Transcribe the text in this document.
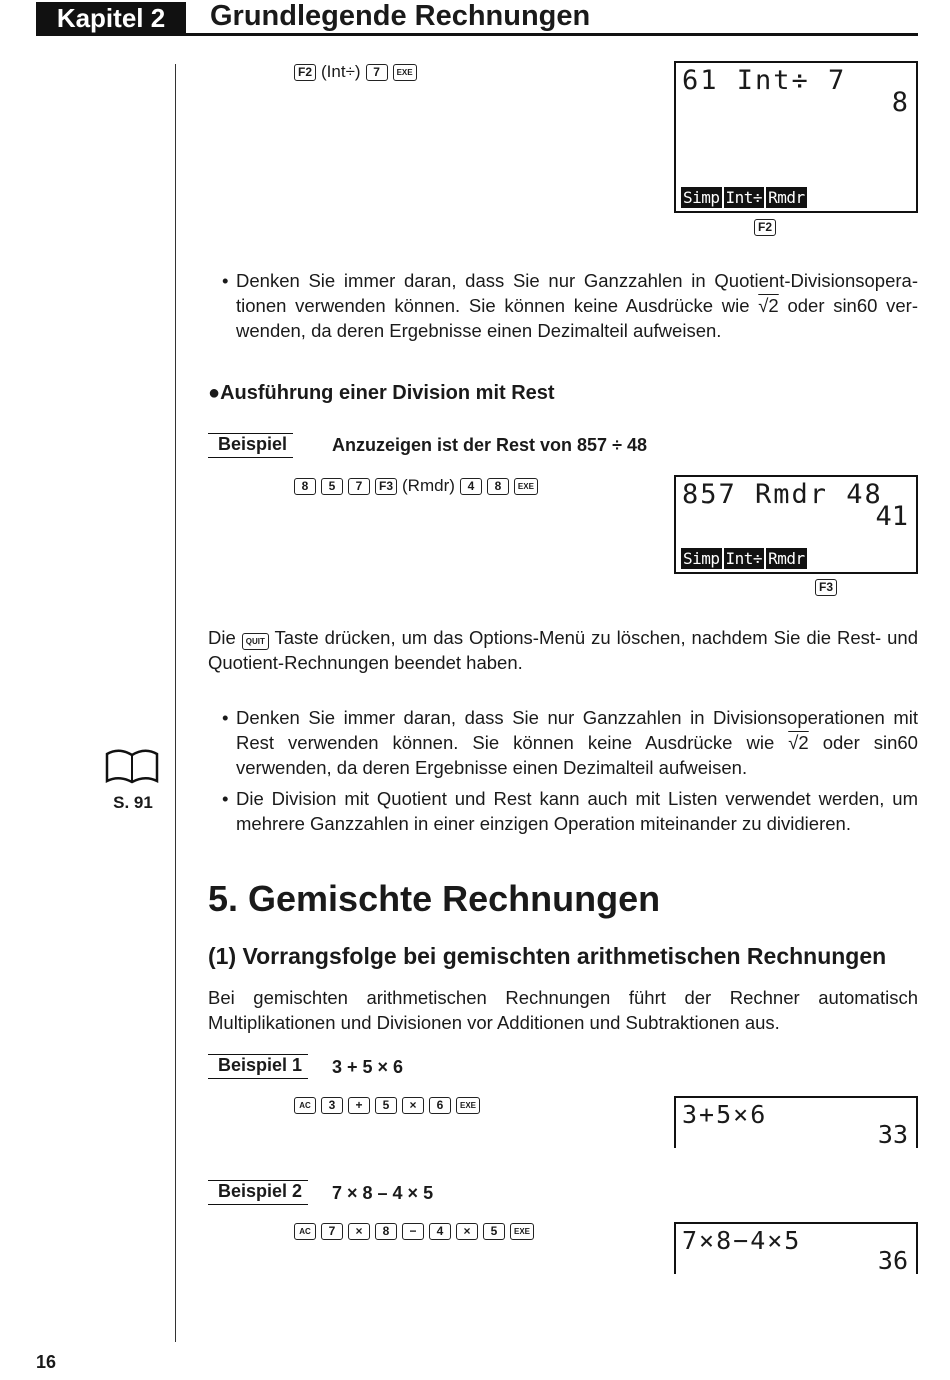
Kapitel 2	Grundlegende Rechnungen
F2 (Int÷)	7	EXE	61 Int÷ 7
8
Simp Int÷ Rmdr
F2
• Denken Sie immer daran, dass Sie nur Ganzzahlen in Quotient-Divisionsopera-tionen verwenden können. Sie können keine Ausdrücke wie √2 oder sin60 ver-wenden, da deren Ergebnisse einen Dezimalteil aufweisen.
●Ausführung einer Division mit Rest
Beispiel	Anzuzeigen ist der Rest von 857 ÷ 48
8	5	7	F3 (Rmdr)	4	8	EXE	857 Rmdr 48
41
Simp Int÷ Rmdr
F3
Die QUIT Taste drücken, um das Options-Menü zu löschen, nachdem Sie die Rest- und Quotient-Rechnungen beendet haben.
• Denken Sie immer daran, dass Sie nur Ganzzahlen in Divisionsoperationen mit Rest verwenden können. Sie können keine Ausdrücke wie √2 oder sin60 verwenden, da deren Ergebnisse einen Dezimalteil aufweisen.
• Die Division mit Quotient und Rest kann auch mit Listen verwendet werden, um mehrere Ganzzahlen in einer einzigen Operation miteinander zu dividieren.
S. 91
5. Gemischte Rechnungen
(1) Vorrangsfolge bei gemischten arithmetischen Rechnungen
Bei gemischten arithmetischen Rechnungen führt der Rechner automatisch Multiplikationen und Divisionen vor Additionen und Subtraktionen aus.
Beispiel 1	3 + 5 × 6
AC	3	+	5	×	6	EXE	3+5×6
33
Beispiel 2	7 × 8 – 4 × 5
AC	7	×	8	−	4	×	5	EXE	7×8−4×5
36
16
